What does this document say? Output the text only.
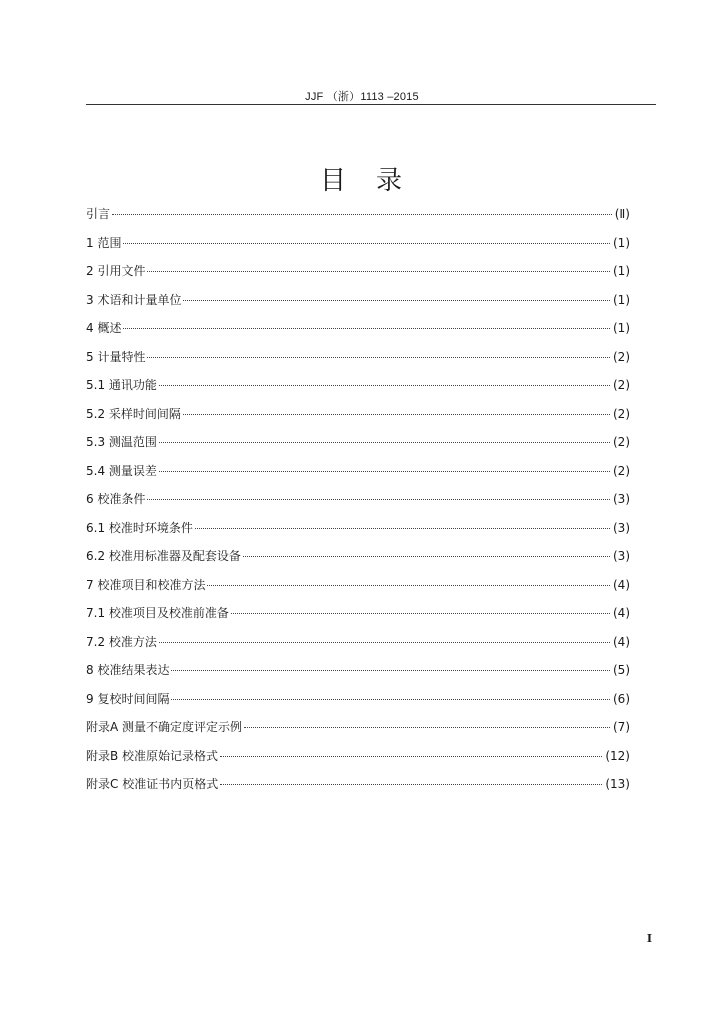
JJF （浙）1113 –2015
目　录
引言	(Ⅱ)
1 范围	(1)
2 引用文件	(1)
3 术语和计量单位	(1)
4 概述	(1)
5 计量特性	(2)
5.1 通讯功能	(2)
5.2 采样时间间隔	(2)
5.3 测温范围	(2)
5.4 测量误差	(2)
6 校准条件	(3)
6.1 校准时环境条件	(3)
6.2 校准用标准器及配套设备	(3)
7 校准项目和校准方法	(4)
7.1 校准项目及校准前准备	(4)
7.2 校准方法	(4)
8 校准结果表达	(5)
9 复校时间间隔	(6)
附录A 测量不确定度评定示例	(7)
附录B 校准原始记录格式	(12)
附录C 校准证书内页格式	(13)
I
